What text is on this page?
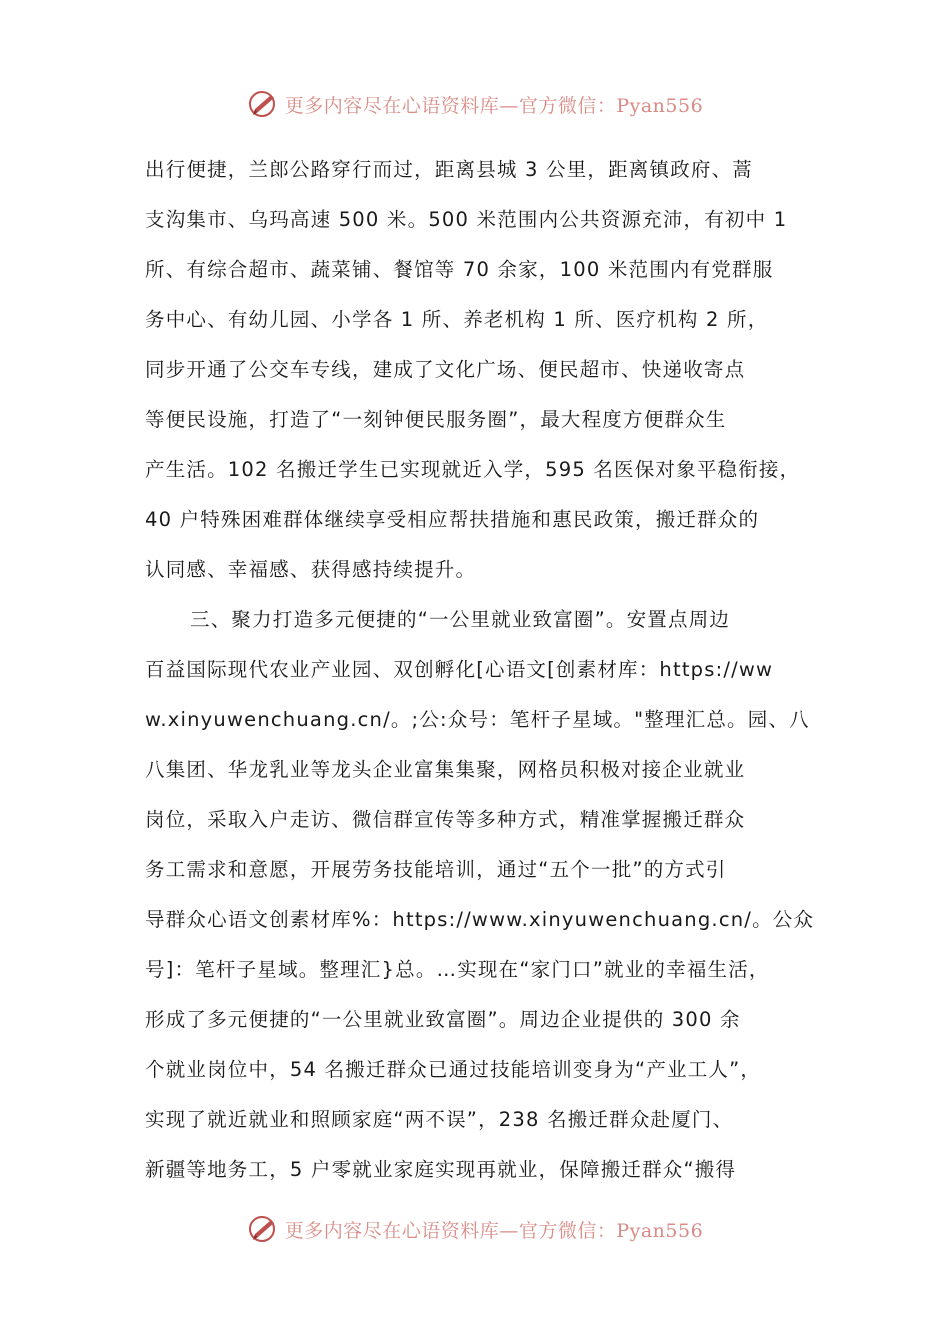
更多内容尽在心语资料库—官方微信：Pyan556
出行便捷，兰郎公路穿行而过，距离县城 3 公里，距离镇政府、蒿
支沟集市、乌玛高速 500 米。500 米范围内公共资源充沛，有初中 1
所、有综合超市、蔬菜铺、餐馆等 70 余家，100 米范围内有党群服
务中心、有幼儿园、小学各 1 所、养老机构 1 所、医疗机构 2 所，
同步开通了公交车专线，建成了文化广场、便民超市、快递收寄点
等便民设施，打造了“一刻钟便民服务圈”，最大程度方便群众生
产生活。102 名搬迁学生已实现就近入学，595 名医保对象平稳衔接，
40 户特殊困难群体继续享受相应帮扶措施和惠民政策，搬迁群众的
认同感、幸福感、获得感持续提升。
三、聚力打造多元便捷的“一公里就业致富圈”。安置点周边
百益国际现代农业产业园、双创孵化[心语文[创素材库：https://ww
w.xinyuwenchuang.cn/。;公:众号：笔杆子星域。"整理汇总。园、八
八集团、华龙乳业等龙头企业富集集聚，网格员积极对接企业就业
岗位，采取入户走访、微信群宣传等多种方式，精准掌握搬迁群众
务工需求和意愿，开展劳务技能培训，通过“五个一批”的方式引
导群众心语文创素材库%：https://www.xinyuwenchuang.cn/。公众
号]：笔杆子星域。整理汇}总。…实现在“家门口”就业的幸福生活，
形成了多元便捷的“一公里就业致富圈”。周边企业提供的 300 余
个就业岗位中，54 名搬迁群众已通过技能培训变身为“产业工人”，
实现了就近就业和照顾家庭“两不误”，238 名搬迁群众赴厦门、
新疆等地务工，5 户零就业家庭实现再就业，保障搬迁群众“搬得
更多内容尽在心语资料库—官方微信：Pyan556
